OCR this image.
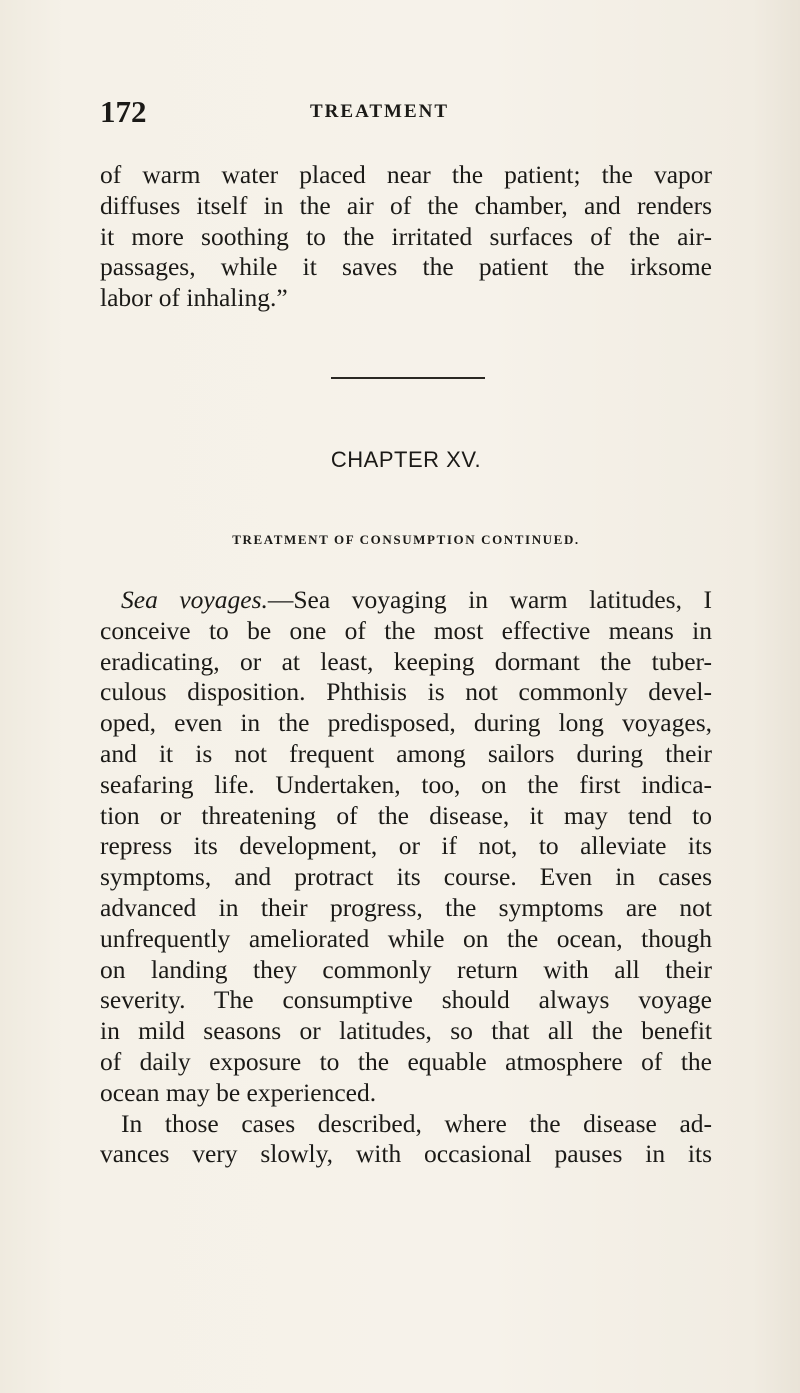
172	TREATMENT
of warm water placed near the patient; the vapor
diffuses itself in the air of the chamber, and renders
it more soothing to the irritated surfaces of the air-
passages, while it saves the patient the irksome
labor of inhaling.”
CHAPTER XV.
TREATMENT OF CONSUMPTION CONTINUED.
Sea voyages.—Sea voyaging in warm latitudes, I
conceive to be one of the most effective means in
eradicating, or at least, keeping dormant the tuber-
culous disposition. Phthisis is not commonly devel-
oped, even in the predisposed, during long voyages,
and it is not frequent among sailors during their
seafaring life. Undertaken, too, on the first indica-
tion or threatening of the disease, it may tend to
repress its development, or if not, to alleviate its
symptoms, and protract its course. Even in cases
advanced in their progress, the symptoms are not
unfrequently ameliorated while on the ocean, though
on landing they commonly return with all their
severity. The consumptive should always voyage
in mild seasons or latitudes, so that all the benefit
of daily exposure to the equable atmosphere of the
ocean may be experienced.
In those cases described, where the disease ad-
vances very slowly, with occasional pauses in its
